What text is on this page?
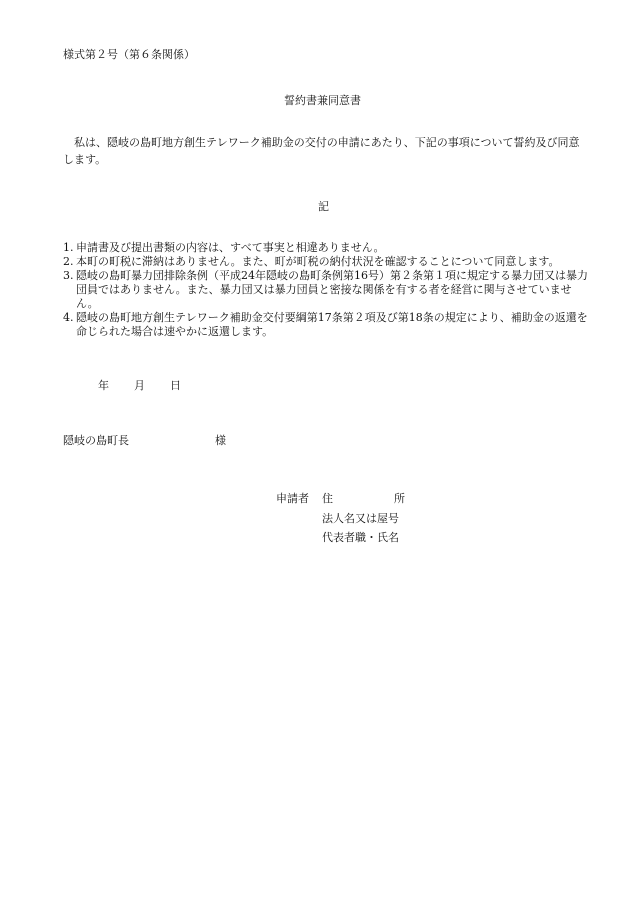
様式第２号（第６条関係）
誓約書兼同意書
私は、隠岐の島町地方創生テレワーク補助金の交付の申請にあたり、下記の事項について誓約及び同意します。
記
1. 申請書及び提出書類の内容は、すべて事実と相違ありません。
2. 本町の町税に滞納はありません。また、町が町税の納付状況を確認することについて同意します。
3. 隠岐の島町暴力団排除条例（平成24年隠岐の島町条例第16号）第２条第１項に規定する暴力団又は暴力団員ではありません。また、暴力団又は暴力団員と密接な関係を有する者を経営に関与させていません。
4. 隠岐の島町地方創生テレワーク補助金交付要綱第17条第２項及び第18条の規定により、補助金の返還を命じられた場合は速やかに返還します。
年 月 日
隠岐の島町長	様
申請者 住	所
法人名又は屋号
代表者職・氏名
